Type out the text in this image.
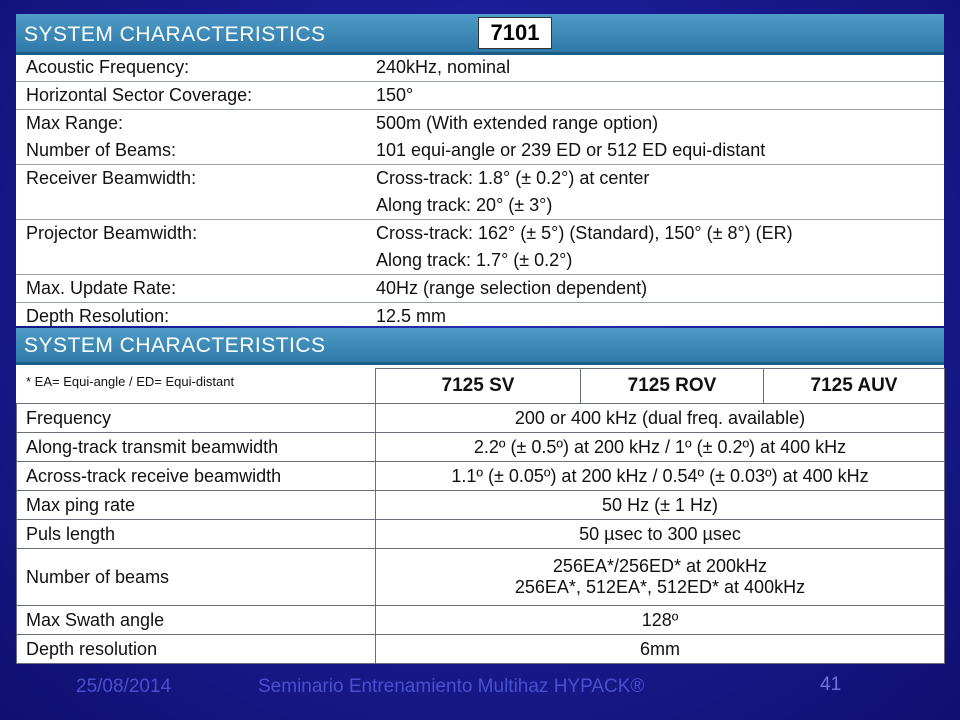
SYSTEM CHARACTERISTICS	7101
Acoustic Frequency:	240kHz, nominal
Horizontal Sector Coverage:	150°
Max Range:	500m (With extended range option)
Number of Beams:	101 equi-angle or 239 ED or 512 ED equi-distant
Receiver Beamwidth:	Cross-track: 1.8° (± 0.2°) at center
Along track: 20° (± 3°)
Projector Beamwidth:	Cross-track: 162° (± 5°) (Standard), 150° (± 8°) (ER)
Along track: 1.7° (± 0.2°)
Max. Update Rate:	40Hz (range selection dependent)
Depth Resolution:	12.5 mm
SYSTEM CHARACTERISTICS
* EA= Equi-angle / ED= Equi-distant
		7125 SV	7125 ROV	7125 AUV
Frequency	200 or 400 kHz (dual freq. available)		
Along-track transmit beamwidth	2.2º (± 0.5º) at 200 kHz / 1º (± 0.2º) at 400 kHz		
Across-track receive beamwidth	1.1º (± 0.05º) at 200 kHz / 0.54º (± 0.03º) at 400 kHz		
Max ping rate	50 Hz (± 1 Hz)		
Puls length	50 µsec to 300 µsec		
Number of beams	256EA*/256ED* at 200kHz
256EA*, 512EA*, 512ED* at 400kHz		

Max Swath angle	128º		
Depth resolution	6mm		
25/08/2014	Seminario Entrenamiento Multihaz HYPACK®	41
